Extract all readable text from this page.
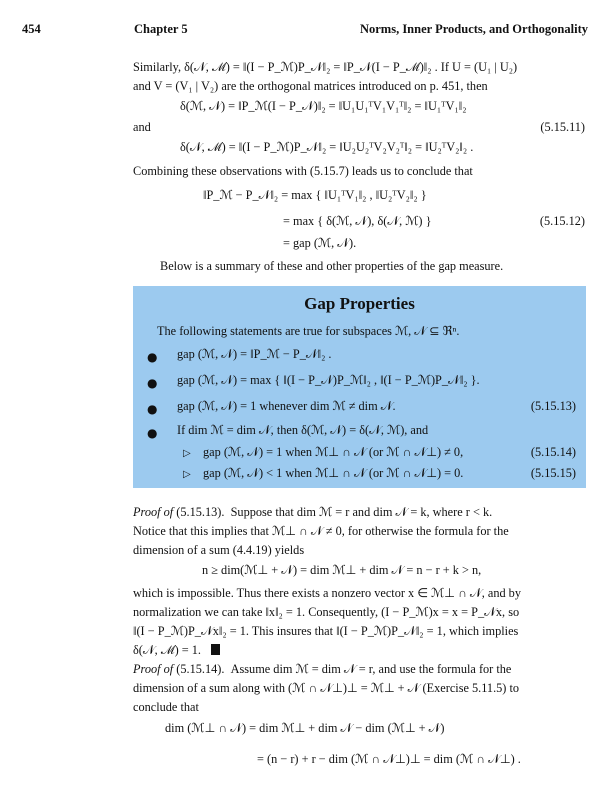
454	Chapter 5	Norms, Inner Products, and Orthogonality

Similarly, δ(𝒩, ℳ) = ‖(I − P_ℳ)P_𝒩‖₂ = ‖P_𝒩(I − P_ℳ)‖₂ . If U = (U₁ | U₂)

and V = (V₁ | V₂) are the orthogonal matrices introduced on p. 451, then

δ(ℳ, 𝒩) = ‖P_ℳ(I − P_𝒩)‖₂ = ‖U₁U₁ᵀV₁V₁ᵀ‖₂ = ‖U₁ᵀV₁‖₂
and	(5.15.11)
δ(𝒩, ℳ) = ‖(I − P_ℳ)P_𝒩‖₂ = ‖U₂U₂ᵀV₂V₂ᵀ‖₂ = ‖U₂ᵀV₂‖₂ .

Combining these observations with (5.15.7) leads us to conclude that

‖P_ℳ − P_𝒩‖₂ = max { ‖U₁ᵀV₁‖₂ , ‖U₂ᵀV₂‖₂ }
= max { δ(ℳ, 𝒩), δ(𝒩, ℳ) }	(5.15.12)
= gap (ℳ, 𝒩).
Below is a summary of these and other properties of the gap measure.
Gap Properties
The following statements are true for subspaces ℳ, 𝒩 ⊆ ℜⁿ.
● gap (ℳ, 𝒩) = ‖P_ℳ − P_𝒩‖₂ .
● gap (ℳ, 𝒩) = max { ‖(I − P_𝒩)P_ℳ‖₂ , ‖(I − P_ℳ)P_𝒩‖₂ }.
● gap (ℳ, 𝒩) = 1 whenever dim ℳ ≠ dim 𝒩.	(5.15.13)
● If dim ℳ = dim 𝒩, then δ(ℳ, 𝒩) = δ(𝒩, ℳ), and
▷ gap (ℳ, 𝒩) = 1 when ℳ⊥ ∩ 𝒩 (or ℳ ∩ 𝒩⊥) ≠ 0,	(5.15.14)
▷ gap (ℳ, 𝒩) < 1 when ℳ⊥ ∩ 𝒩 (or ℳ ∩ 𝒩⊥) = 0.	(5.15.15)

Proof of (5.15.13). Suppose that dim ℳ = r and dim 𝒩 = k, where r < k.

Notice that this implies that ℳ⊥ ∩ 𝒩 ≠ 0, for otherwise the formula for the

dimension of a sum (4.4.19) yields

n ≥ dim(ℳ⊥ + 𝒩) = dim ℳ⊥ + dim 𝒩 = n − r + k > n,

which is impossible. Thus there exists a nonzero vector x ∈ ℳ⊥ ∩ 𝒩, and by

normalization we can take ‖x‖₂ = 1. Consequently, (I − P_ℳ)x = x = P_𝒩x, so

‖(I − P_ℳ)P_𝒩x‖₂ = 1. This insures that ‖(I − P_ℳ)P_𝒩‖₂ = 1, which implies

δ(𝒩, ℳ) = 1.

Proof of (5.15.14). Assume dim ℳ = dim 𝒩 = r, and use the formula for the

dimension of a sum along with (ℳ ∩ 𝒩⊥)⊥ = ℳ⊥ + 𝒩 (Exercise 5.11.5) to

conclude that

dim (ℳ⊥ ∩ 𝒩) = dim ℳ⊥ + dim 𝒩 − dim (ℳ⊥ + 𝒩)
= (n − r) + r − dim (ℳ ∩ 𝒩⊥)⊥ = dim (ℳ ∩ 𝒩⊥) .
